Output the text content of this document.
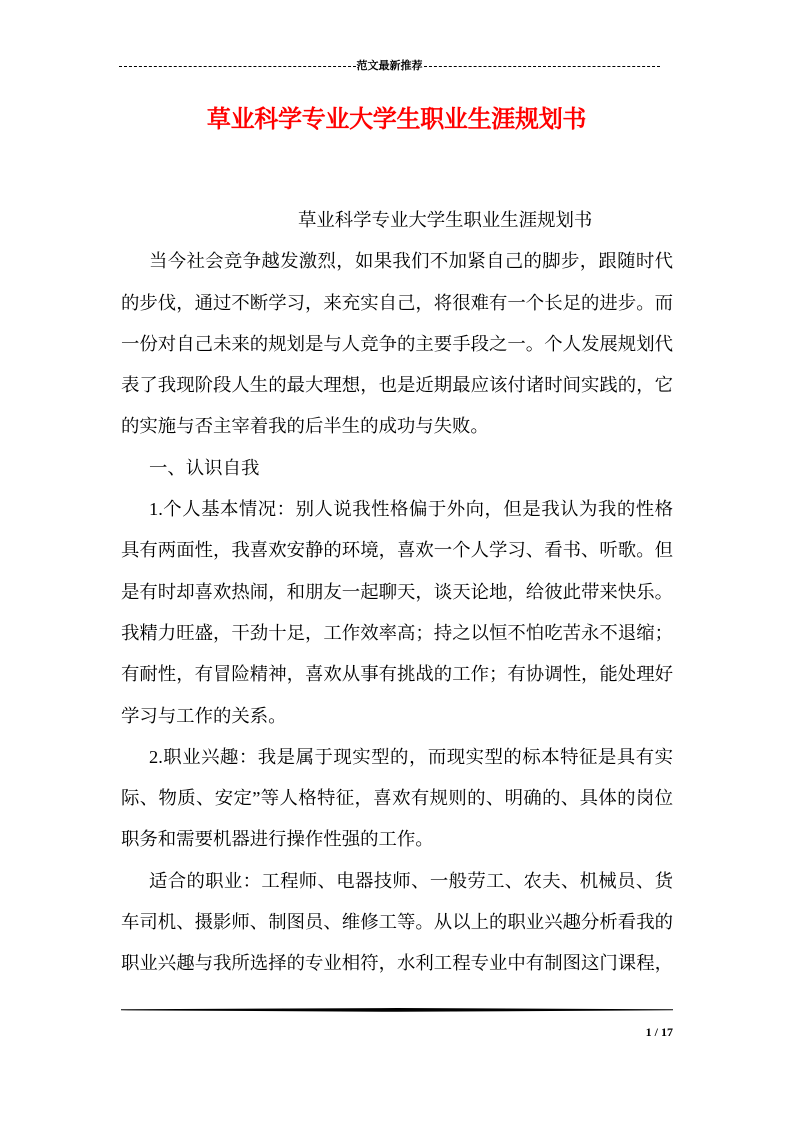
范文最新推荐
草业科学专业大学生职业生涯规划书
草业科学专业大学生职业生涯规划书
当今社会竞争越发激烈，如果我们不加紧自己的脚步，跟随时代
的步伐，通过不断学习，来充实自己，将很难有一个长足的进步。而
一份对自己未来的规划是与人竞争的主要手段之一。个人发展规划代
表了我现阶段人生的最大理想，也是近期最应该付诸时间实践的，它
的实施与否主宰着我的后半生的成功与失败。
一、认识自我
1.个人基本情况：别人说我性格偏于外向，但是我认为我的性格
具有两面性，我喜欢安静的环境，喜欢一个人学习、看书、听歌。但
是有时却喜欢热闹，和朋友一起聊天，谈天论地，给彼此带来快乐。
我精力旺盛，干劲十足，工作效率高；持之以恒不怕吃苦永不退缩；
有耐性，有冒险精神，喜欢从事有挑战的工作；有协调性，能处理好
学习与工作的关系。
2.职业兴趣：我是属于现实型的，而现实型的标本特征是具有实
际、物质、安定”等人格特征，喜欢有规则的、明确的、具体的岗位
职务和需要机器进行操作性强的工作。
适合的职业：工程师、电器技师、一般劳工、农夫、机械员、货
车司机、摄影师、制图员、维修工等。从以上的职业兴趣分析看我的
职业兴趣与我所选择的专业相符，水利工程专业中有制图这门课程，
1 / 17
